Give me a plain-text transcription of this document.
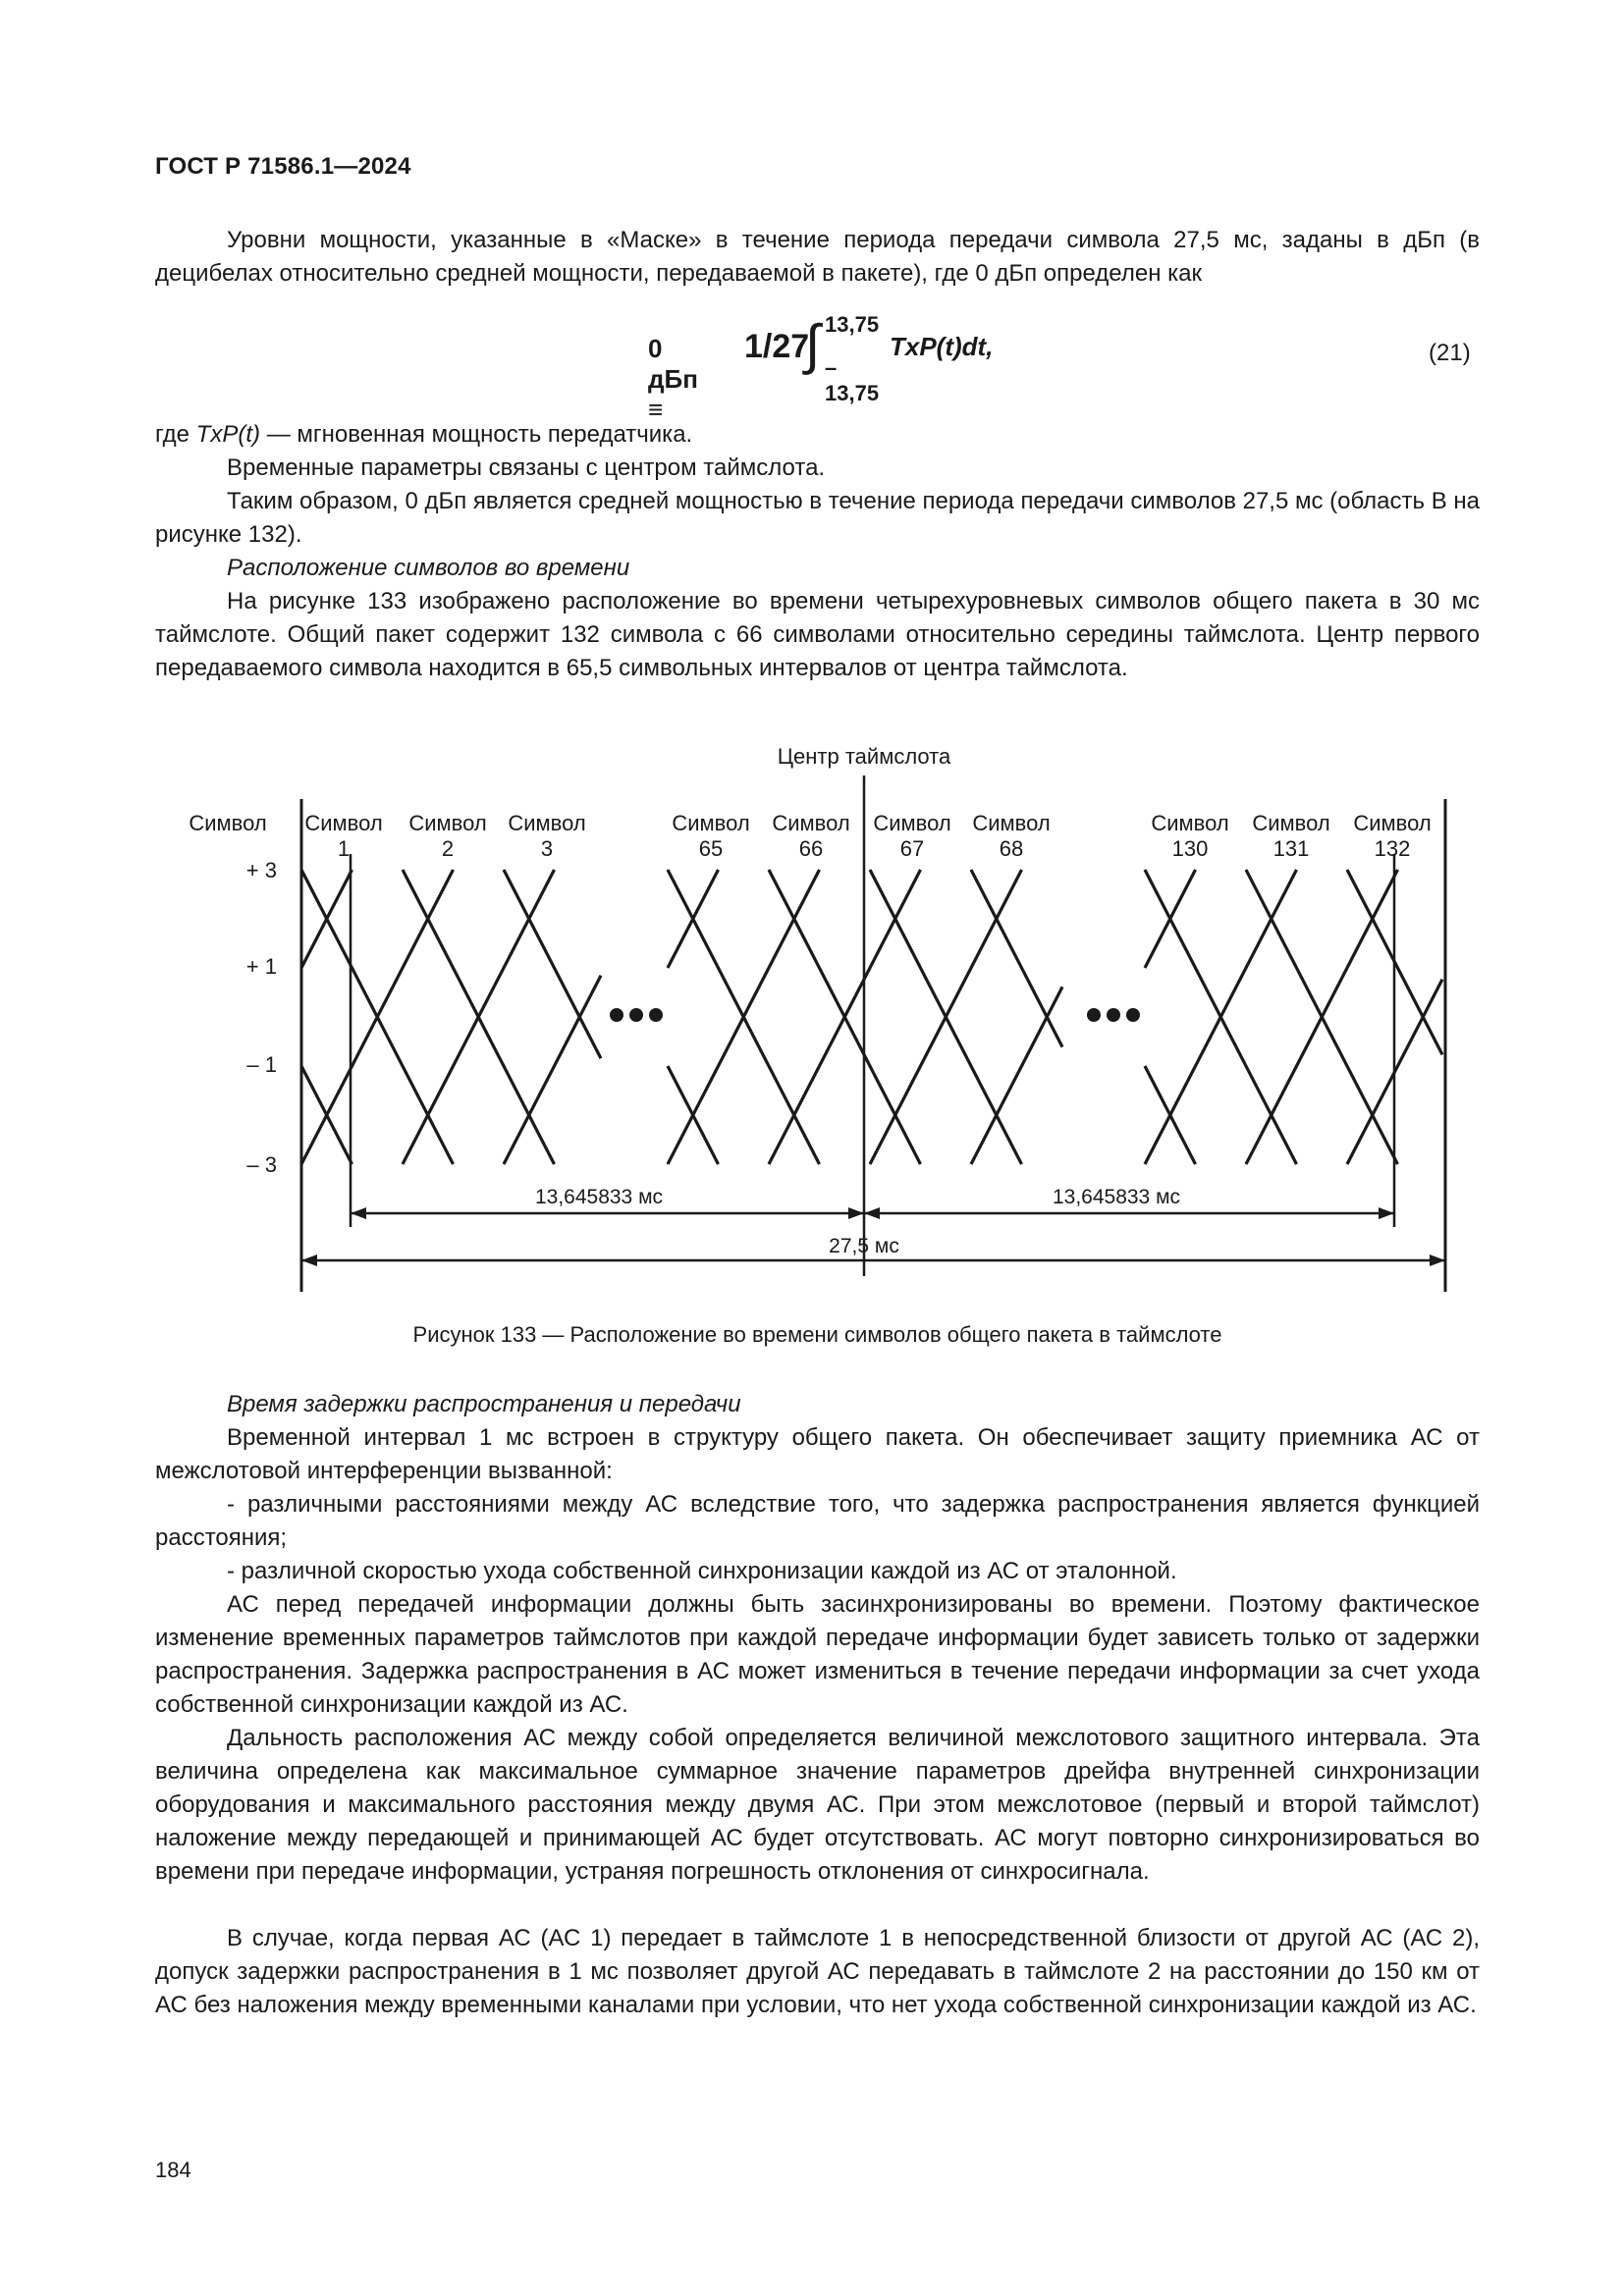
ГОСТ Р 71586.1—2024
Уровни мощности, указанные в «Маске» в течение периода передачи символа 27,5 мс, заданы в дБп (в децибелах относительно средней мощности, передаваемой в пакете), где 0 дБп определен как
0 дБп ≡
1/27
∫ 13,75
–13,75
TxP(t)dt,	(21)
где TxP(t) — мгновенная мощность передатчика.
Временные параметры связаны с центром таймслота.
Таким образом, 0 дБп является средней мощностью в течение периода передачи символов 27,5 мс (область В на рисунке 132).
Расположение символов во времени
На рисунке 133 изображено расположение во времени четырехуровневых символов общего пакета в 30 мс таймслоте. Общий пакет содержит 132 символа с 66 символами относительно середины таймслота. Центр первого передаваемого символа находится в 65,5 символьных интервалов от центра таймслота.
Центр таймслота
Символ Символ
1
Символ
2
Символ
3
Символ
65
Символ
66
Символ
67
Символ
68
Символ
130
Символ
131
Символ
132
+ 3
+ 1
– 1
– 3
13,645833 мс	13,645833 мс
27,5 мс
Рисунок 133 — Расположение во времени символов общего пакета в таймслоте
Время задержки распространения и передачи
Временной интервал 1 мс встроен в структуру общего пакета. Он обеспечивает защиту приемника АС от межслотовой интерференции вызванной:
- различными расстояниями между АС вследствие того, что задержка распространения является функцией расстояния;
- различной скоростью ухода собственной синхронизации каждой из АС от эталонной.
АС перед передачей информации должны быть засинхронизированы во времени. Поэтому фактическое изменение временных параметров таймслотов при каждой передаче информации будет зависеть только от задержки распространения. Задержка распространения в АС может измениться в течение передачи информации за счет ухода собственной синхронизации каждой из АС.
Дальность расположения АС между собой определяется величиной межслотового защитного интервала. Эта величина определена как максимальное суммарное значение параметров дрейфа внутренней синхронизации оборудования и максимального расстояния между двумя АС. При этом межслотовое (первый и второй таймслот) наложение между передающей и принимающей АС будет отсутствовать. АС могут повторно синхронизироваться во времени при передаче информации, устраняя погрешность отклонения от синхросигнала.
В случае, когда первая АС (АС 1) передает в таймслоте 1 в непосредственной близости от другой АС (АС 2), допуск задержки распространения в 1 мс позволяет другой АС передавать в таймслоте 2 на расстоянии до 150 км от АС без наложения между временными каналами при условии, что нет ухода собственной синхронизации каждой из АС.
184
